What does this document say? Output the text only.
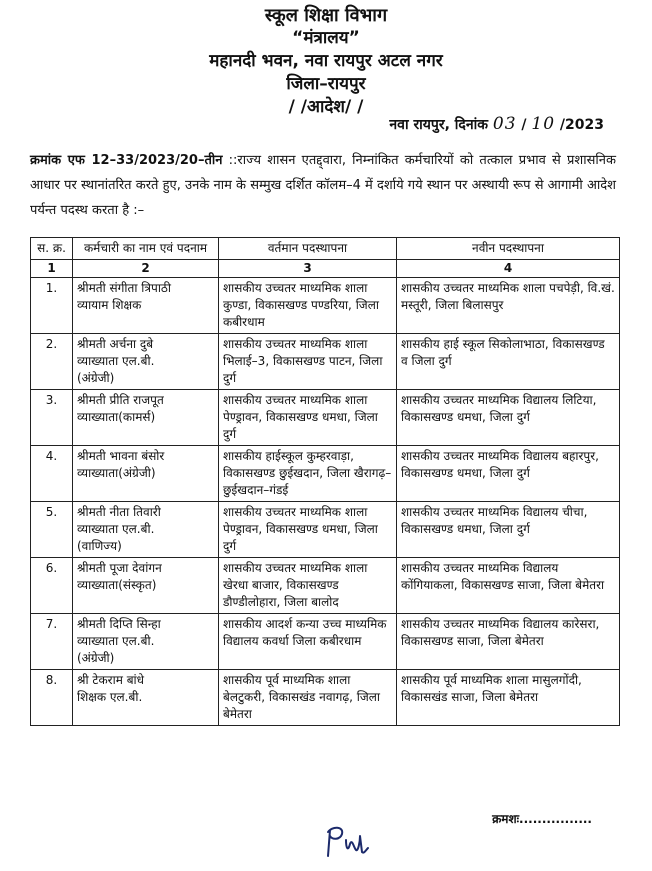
स्कूल शिक्षा विभाग
“मंत्रालय”
महानदी भवन, नवा रायपुर अटल नगर
जिला–रायपुर
/ /आदेश/ /
नवा रायपुर, दिनांक 03 / 10 /2023
क्रमांक एफ 12–33/2023/20–तीन ::राज्य शासन एतद्द्वारा, निम्नांकित कर्मचारियों को तत्काल प्रभाव से प्रशासनिक आधार पर स्थानांतरित करते हुए, उनके नाम के सम्मुख दर्शित कॉलम–4 में दर्शाये गये स्थान पर अस्थायी रूप से आगामी आदेश पर्यन्त पदस्थ करता है :–
स. क्र.	कर्मचारी का नाम एवं पदनाम	वर्तमान पदस्थापना	नवीन पदस्थापना
1	2	3	4
1.	श्रीमती संगीता त्रिपाठी
व्यायाम शिक्षक	शासकीय उच्चतर माध्यमिक शाला कुण्डा, विकासखण्ड पण्डरिया, जिला कबीरधाम	शासकीय उच्चतर माध्यमिक शाला पचपेड़ी, वि.खं. मस्तूरी, जिला बिलासपुर
2.	श्रीमती अर्चना दुबे
व्याख्याता एल.बी.
(अंग्रेजी)	शासकीय उच्चतर माध्यमिक शाला भिलाई–3, विकासखण्ड पाटन, जिला दुर्ग	शासकीय हाई स्कूल सिकोलाभाठा, विकासखण्ड व जिला दुर्ग
3.	श्रीमती प्रीति राजपूत
व्याख्याता(कामर्स)	शासकीय उच्चतर माध्यमिक शाला पेण्ड्रावन, विकासखण्ड धमधा, जिला दुर्ग	शासकीय उच्चतर माध्यमिक विद्यालय लिटिया, विकासखण्ड धमधा, जिला दुर्ग
4.	श्रीमती भावना बंसोर
व्याख्याता(अंग्रेजी)	शासकीय हाईस्कूल कुम्हरवाड़ा, विकासखण्ड छुईखदान, जिला खैरागढ़–छुईखदान–गंडई	शासकीय उच्चतर माध्यमिक विद्यालय बहारपुर, विकासखण्ड धमधा, जिला दुर्ग
5.	श्रीमती नीता तिवारी
व्याख्याता एल.बी.
(वाणिज्य)	शासकीय उच्चतर माध्यमिक शाला पेण्ड्रावन, विकासखण्ड धमधा, जिला दुर्ग	शासकीय उच्चतर माध्यमिक विद्यालय चीचा, विकासखण्ड धमधा, जिला दुर्ग
6.	श्रीमती पूजा देवांगन
व्याख्याता(संस्कृत)	शासकीय उच्चतर माध्यमिक शाला खेरधा बाजार, विकासखण्ड डौण्डीलोहारा, जिला बालोद	शासकीय उच्चतर माध्यमिक विद्यालय कोंगियाकला, विकासखण्ड साजा, जिला बेमेतरा
7.	श्रीमती दिप्ति सिन्हा
व्याख्याता एल.बी.
(अंग्रेजी)	शासकीय आदर्श कन्या उच्च माध्यमिक विद्यालय कवर्धा जिला कबीरधाम	शासकीय उच्चतर माध्यमिक विद्यालय कारेसरा, विकासखण्ड साजा, जिला बेमेतरा
8.	श्री टेकराम बांधे
शिक्षक एल.बी.	शासकीय पूर्व माध्यमिक शाला बेलटुकरी, विकासखंड नवागढ़, जिला बेमेतरा	शासकीय पूर्व माध्यमिक शाला मासुलगोंदी, विकासखंड साजा, जिला बेमेतरा
क्रमशः................
